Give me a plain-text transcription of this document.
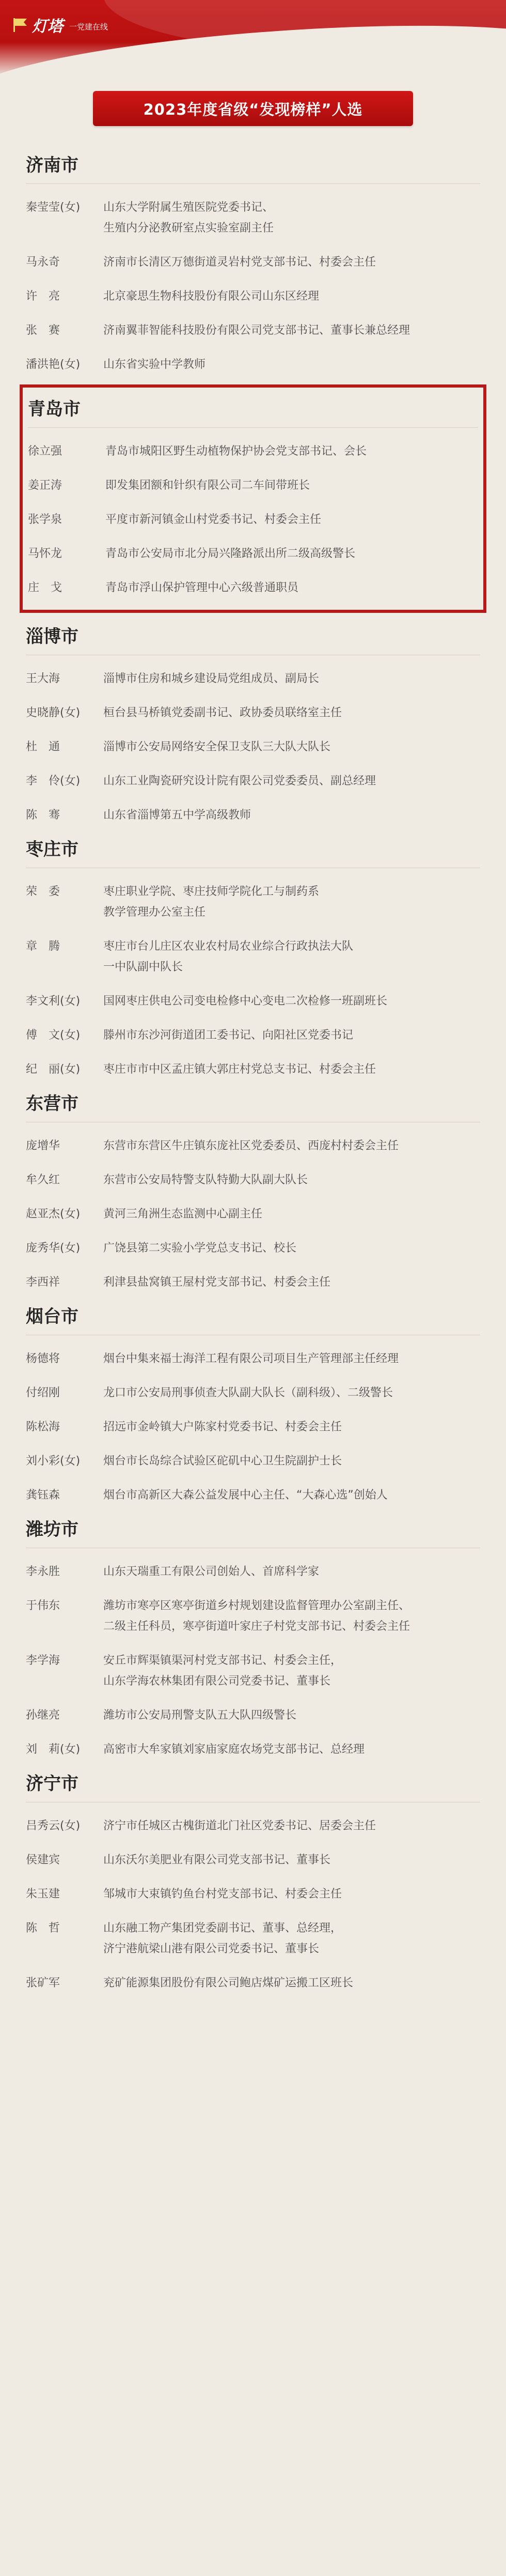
灯塔 一党建在线
2023年度省级“发现榜样”人选
济南市
秦莹莹(女)	山东大学附属生殖医院党委书记、
生殖内分泌教研室点实验室副主任
马永奇	济南市长清区万德街道灵岩村党支部书记、村委会主任
许　亮	北京豪思生物科技股份有限公司山东区经理
张　赛	济南翼菲智能科技股份有限公司党支部书记、董事长兼总经理
潘洪艳(女)	山东省实验中学教师
青岛市
徐立强	青岛市城阳区野生动植物保护协会党支部书记、会长
姜正涛	即发集团额和针织有限公司二车间带班长
张学泉	平度市新河镇金山村党委书记、村委会主任
马怀龙	青岛市公安局市北分局兴隆路派出所二级高级警长
庄　戈	青岛市浮山保护管理中心六级普通职员
淄博市
王大海	淄博市住房和城乡建设局党组成员、副局长
史晓静(女)	桓台县马桥镇党委副书记、政协委员联络室主任
杜　通	淄博市公安局网络安全保卫支队三大队大队长
李　伶(女)	山东工业陶瓷研究设计院有限公司党委委员、副总经理
陈　骞	山东省淄博第五中学高级教师
枣庄市
荣　委	枣庄职业学院、枣庄技师学院化工与制药系
教学管理办公室主任
章　腾	枣庄市台儿庄区农业农村局农业综合行政执法大队
一中队副中队长
李文利(女)	国网枣庄供电公司变电检修中心变电二次检修一班副班长
傅　文(女)	滕州市东沙河街道团工委书记、向阳社区党委书记
纪　丽(女)	枣庄市市中区孟庄镇大郭庄村党总支书记、村委会主任
东营市
庞增华	东营市东营区牛庄镇东庞社区党委委员、西庞村村委会主任
牟久红	东营市公安局特警支队特勤大队副大队长
赵亚杰(女)	黄河三角洲生态监测中心副主任
庞秀华(女)	广饶县第二实验小学党总支书记、校长
李西祥	利津县盐窝镇王屋村党支部书记、村委会主任
烟台市
杨德将	烟台中集来福士海洋工程有限公司项目生产管理部主任经理
付绍刚	龙口市公安局刑事侦查大队副大队长（副科级）、二级警长
陈松海	招远市金岭镇大户陈家村党委书记、村委会主任
刘小彩(女)	烟台市长岛综合试验区砣矶中心卫生院副护士长
龚钰森	烟台市高新区大森公益发展中心主任、“大森心选”创始人
潍坊市
李永胜	山东天瑞重工有限公司创始人、首席科学家
于伟东	潍坊市寒亭区寒亭街道乡村规划建设监督管理办公室副主任、
二级主任科员，寒亭街道叶家庄子村党支部书记、村委会主任
李学海	安丘市辉渠镇渠河村党支部书记、村委会主任，
山东学海农林集团有限公司党委书记、董事长
孙继亮	潍坊市公安局刑警支队五大队四级警长
刘　莉(女)	高密市大牟家镇刘家庙家庭农场党支部书记、总经理
济宁市
吕秀云(女)	济宁市任城区古槐街道北门社区党委书记、居委会主任
侯建宾	山东沃尔美肥业有限公司党支部书记、董事长
朱玉建	邹城市大束镇钓鱼台村党支部书记、村委会主任
陈　哲	山东融工物产集团党委副书记、董事、总经理，
济宁港航梁山港有限公司党委书记、董事长
张矿军	兖矿能源集团股份有限公司鲍店煤矿运搬工区班长
